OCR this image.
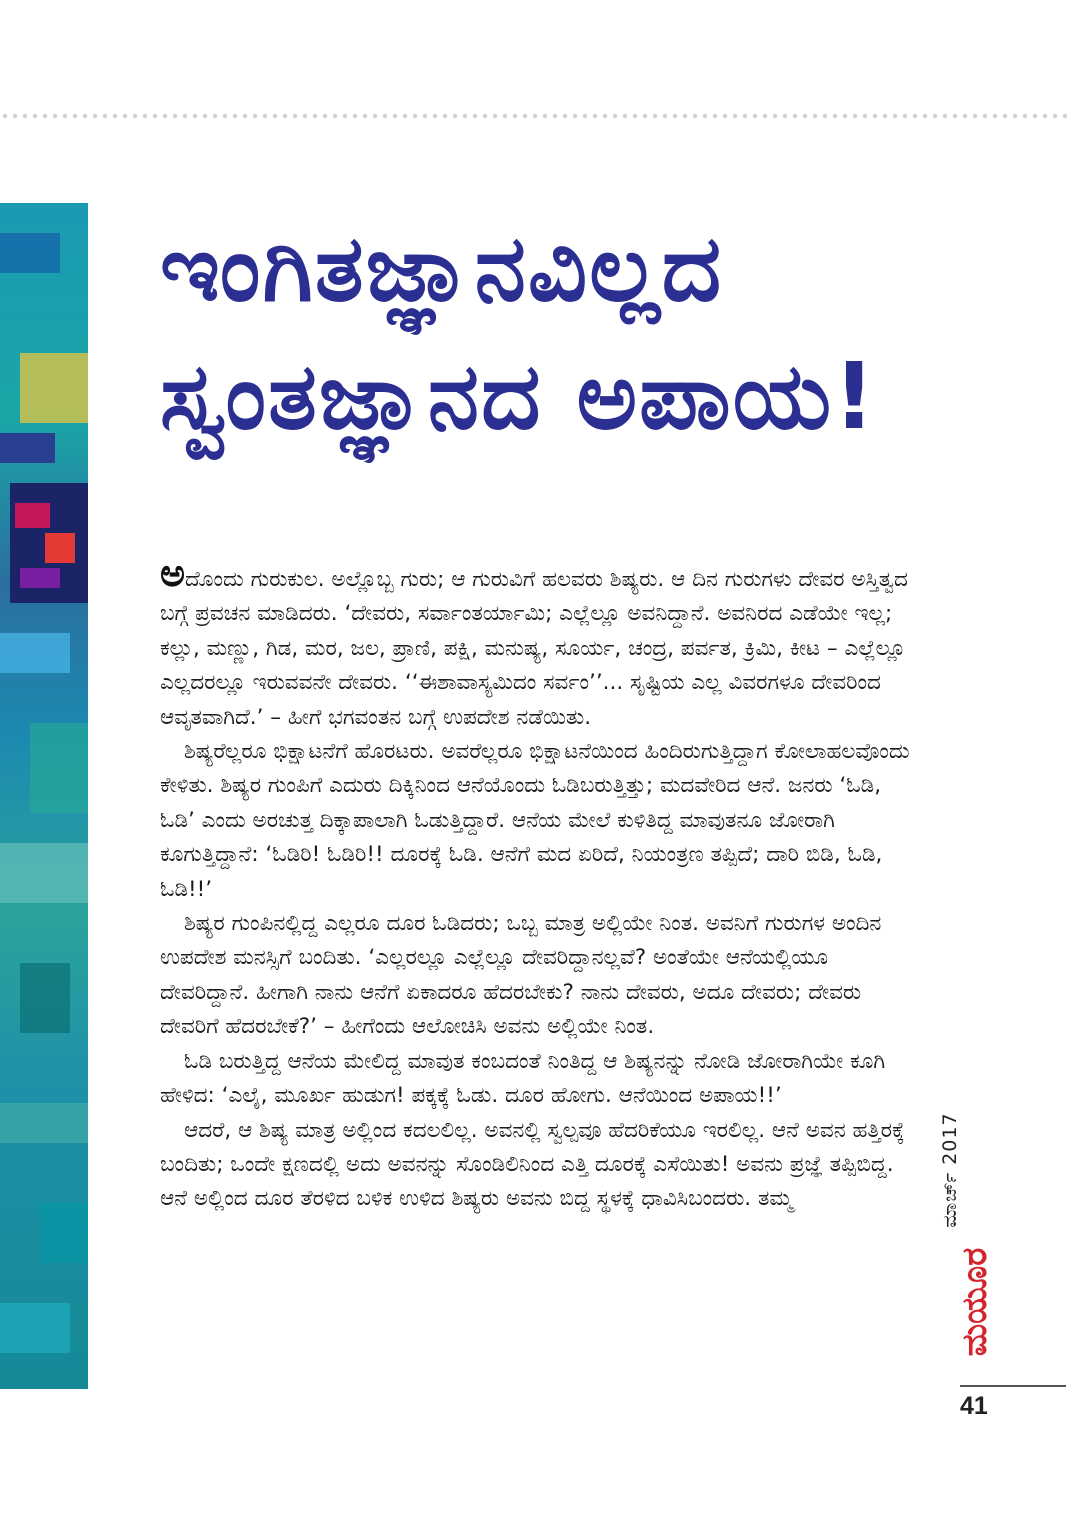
ಇಂಗಿತಜ್ಞಾನವಿಲ್ಲದ
ಸ್ವಂತಜ್ಞಾನದ ಅಪಾಯ!

ಅದೊಂದು ಗುರುಕುಲ. ಅಲ್ಲೊಬ್ಬ ಗುರು; ಆ ಗುರುವಿಗೆ ಹಲವರು ಶಿಷ್ಯರು. ಆ ದಿನ ಗುರುಗಳು ದೇವರ ಅಸ್ತಿತ್ವದ ಬಗ್ಗೆ ಪ್ರವಚನ ಮಾಡಿದರು. ‘ದೇವರು, ಸರ್ವಾಂತರ್ಯಾಮಿ; ಎಲ್ಲೆಲ್ಲೂ ಅವನಿದ್ದಾನೆ. ಅವನಿರದ ಎಡೆಯೇ ಇಲ್ಲ; ಕಲ್ಲು, ಮಣ್ಣು, ಗಿಡ, ಮರ, ಜಲ, ಪ್ರಾಣಿ, ಪಕ್ಷಿ, ಮನುಷ್ಯ, ಸೂರ್ಯ, ಚಂದ್ರ, ಪರ್ವತ, ಕ್ರಿಮಿ, ಕೀಟ – ಎಲ್ಲೆಲ್ಲೂ ಎಲ್ಲದರಲ್ಲೂ ಇರುವವನೇ ದೇವರು. ‘‘ಈಶಾವಾಸ್ಯಮಿದಂ ಸರ್ವಂ’’... ಸೃಷ್ಟಿಯ ಎಲ್ಲ ವಿವರಗಳೂ ದೇವರಿಂದ ಆವೃತವಾಗಿದೆ.’ – ಹೀಗೆ ಭಗವಂತನ ಬಗ್ಗೆ ಉಪದೇಶ ನಡೆಯಿತು.

ಶಿಷ್ಯರೆಲ್ಲರೂ ಭಿಕ್ಷಾಟನೆಗೆ ಹೊರಟರು. ಅವರೆಲ್ಲರೂ ಭಿಕ್ಷಾಟನೆಯಿಂದ ಹಿಂದಿರುಗುತ್ತಿದ್ದಾಗ ಕೋಲಾಹಲವೊಂದು ಕೇಳಿತು. ಶಿಷ್ಯರ ಗುಂಪಿಗೆ ಎದುರು ದಿಕ್ಕಿನಿಂದ ಆನೆಯೊಂದು ಓಡಿಬರುತ್ತಿತ್ತು; ಮದವೇರಿದ ಆನೆ. ಜನರು ‘ಓಡಿ, ಓಡಿ’ ಎಂದು ಅರಚುತ್ತ ದಿಕ್ಕಾಪಾಲಾಗಿ ಓಡುತ್ತಿದ್ದಾರೆ. ಆನೆಯ ಮೇಲೆ ಕುಳಿತಿದ್ದ ಮಾವುತನೂ ಜೋರಾಗಿ ಕೂಗುತ್ತಿದ್ದಾನೆ: ‘ಓಡಿರಿ! ಓಡಿರಿ!! ದೂರಕ್ಕೆ ಓಡಿ. ಆನೆಗೆ ಮದ ಏರಿದೆ, ನಿಯಂತ್ರಣ ತಪ್ಪಿದೆ; ದಾರಿ ಬಿಡಿ, ಓಡಿ, ಓಡಿ!!’

ಶಿಷ್ಯರ ಗುಂಪಿನಲ್ಲಿದ್ದ ಎಲ್ಲರೂ ದೂರ ಓಡಿದರು; ಒಬ್ಬ ಮಾತ್ರ ಅಲ್ಲಿಯೇ ನಿಂತ. ಅವನಿಗೆ ಗುರುಗಳ ಅಂದಿನ ಉಪದೇಶ ಮನಸ್ಸಿಗೆ ಬಂದಿತು. ‘ಎಲ್ಲರಲ್ಲೂ ಎಲ್ಲೆಲ್ಲೂ ದೇವರಿದ್ದಾನಲ್ಲವೆ? ಅಂತೆಯೇ ಆನೆಯಲ್ಲಿಯೂ ದೇವರಿದ್ದಾನೆ. ಹೀಗಾಗಿ ನಾನು ಆನೆಗೆ ಏಕಾದರೂ ಹೆದರಬೇಕು? ನಾನು ದೇವರು, ಅದೂ ದೇವರು; ದೇವರು ದೇವರಿಗೆ ಹೆದರಬೇಕೆ?’ – ಹೀಗೆಂದು ಆಲೋಚಿಸಿ ಅವನು ಅಲ್ಲಿಯೇ ನಿಂತ.

ಓಡಿ ಬರುತ್ತಿದ್ದ ಆನೆಯ ಮೇಲಿದ್ದ ಮಾವುತ ಕಂಬದಂತೆ ನಿಂತಿದ್ದ ಆ ಶಿಷ್ಯನನ್ನು ನೋಡಿ ಜೋರಾಗಿಯೇ ಕೂಗಿ ಹೇಳಿದ: ‘ಎಲೈ, ಮೂರ್ಖ ಹುಡುಗ! ಪಕ್ಕಕ್ಕೆ ಓಡು. ದೂರ ಹೋಗು. ಆನೆಯಿಂದ ಅಪಾಯ!!’

ಆದರೆ, ಆ ಶಿಷ್ಯ ಮಾತ್ರ ಅಲ್ಲಿಂದ ಕದಲಲಿಲ್ಲ. ಅವನಲ್ಲಿ ಸ್ವಲ್ಪವೂ ಹೆದರಿಕೆಯೂ ಇರಲಿಲ್ಲ. ಆನೆ ಅವನ ಹತ್ತಿರಕ್ಕೆ ಬಂದಿತು; ಒಂದೇ ಕ್ಷಣದಲ್ಲಿ ಅದು ಅವನನ್ನು ಸೊಂಡಿಲಿನಿಂದ ಎತ್ತಿ ದೂರಕ್ಕೆ ಎಸೆಯಿತು! ಅವನು ಪ್ರಜ್ಞೆ ತಪ್ಪಿಬಿದ್ದ. ಆನೆ ಅಲ್ಲಿಂದ ದೂರ ತೆರಳಿದ ಬಳಿಕ ಉಳಿದ ಶಿಷ್ಯರು ಅವನು ಬಿದ್ದ ಸ್ಥಳಕ್ಕೆ ಧಾವಿಸಿಬಂದರು. ತಮ್ಮ	ಮಾರ್ಚ್ 2017
ಮಯೂರ
41
